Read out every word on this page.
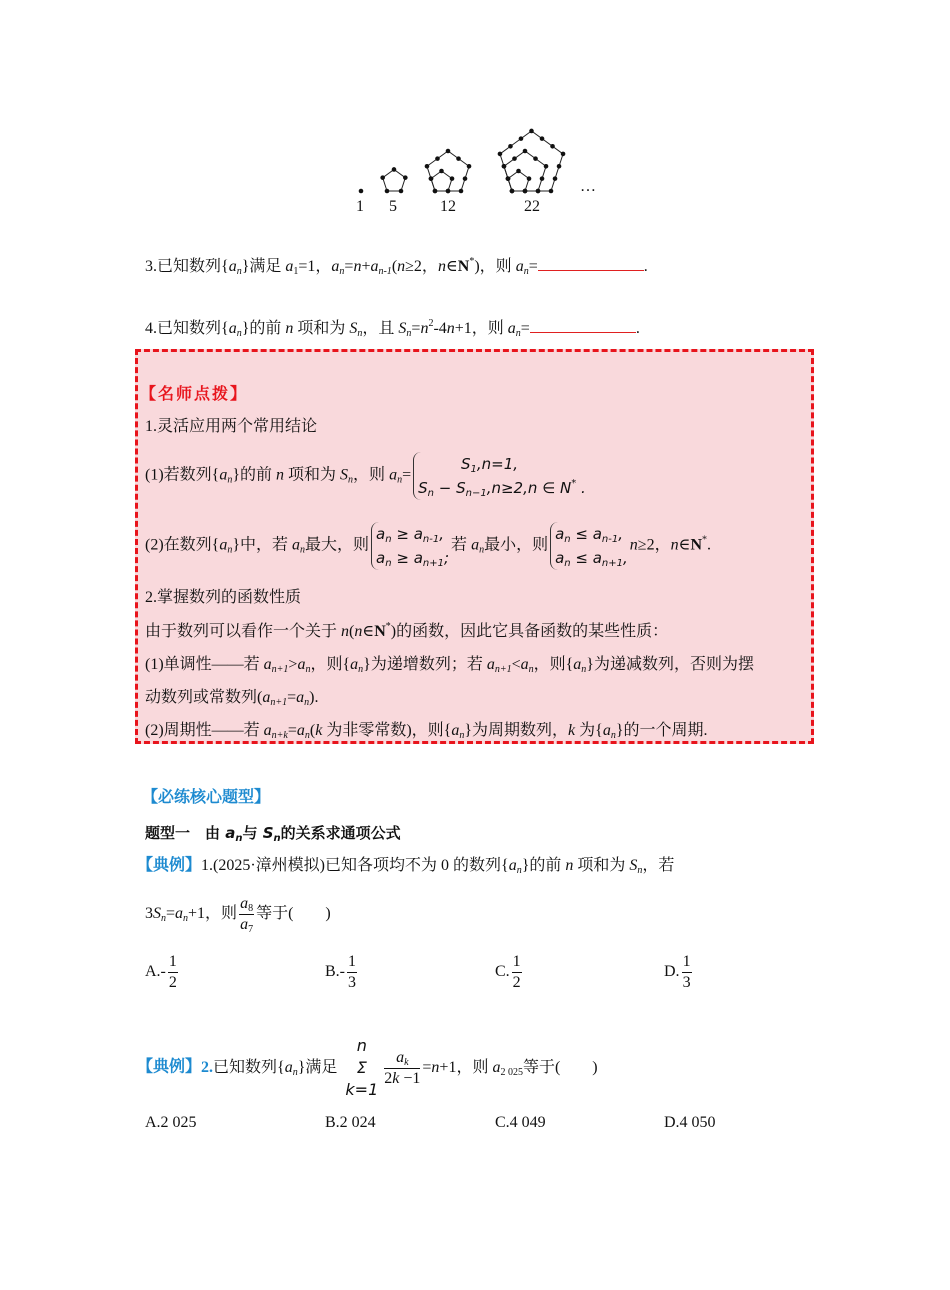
1 5	12	22
…
3.已知数列$\{a_n\}$满足 $a_1=1$，$a_n=n+a_{n-1}(n\ge 2$，n∈N*)，则 $a_n=$	.
4.已知数列$\{a_n\}$的前 n 项和为 $S_n$，且 $S_n=n^2-4n+1$，则 $a_n=$	.
【名师点拨】
1.灵活应用两个常用结论
(1)若数列$\{a_n\}$的前 n 项和为 $S_n$，则 $a_n=$
$S_1,n=1$,
$S_n - S_{n-1},n\ge 2,n$ ∈ N* .
(2)在数列$\{a_n\}$中，若 $a_n$最大，则
$a_n \ge a_{n-1}$,
$a_n \ge a_{n+1}$;
若 $a_n$最小，则
$a_n \le a_{n-1}$,
$a_n \le a_{n+1}$,
n≥2，n∈N*.
2.掌握数列的函数性质
由于数列可以看作一个关于 n(n∈N*)的函数，因此它具备函数的某些性质：
(1)单调性——若 $a_{n+1}>a_n$，则$\{a_n\}$为递增数列；若 $a_{n+1}<a_n$，则$\{a_n\}$为递减数列，否则为摆
动数列或常数列$(a_{n+1}=a_n)$.
(2)周期性——若 $a_{n+k}=a_n(k$ 为非零常数)，则$\{a_n\}$为周期数列，k 为$\{a_n\}$的一个周期.
【必练核心题型】
题型一　由 $a_n$与 $S_n$的关系求通项公式
【典例】1.(2025·漳州模拟)已知各项均不为 0 的数列$\{a_n\}$的前 n 项和为 $S_n$，若
$3S_n=a_n+1$，则 $\frac{a_8}{a_7}$ 等于(　　)
$A.- \frac{1}{2}$	$B.- \frac{1}{3}$	C. $\frac{1}{2}$	D. $\frac{1}{3}$
【典例】2.已知数列$\{a_n\}$满足
n
Σ
k=1
$\frac{a_k}{2k -1} =n+1$，则 $a_{2 025}$等于(　　)
A.2 025	B.2 024	C.4 049	D.4 050
